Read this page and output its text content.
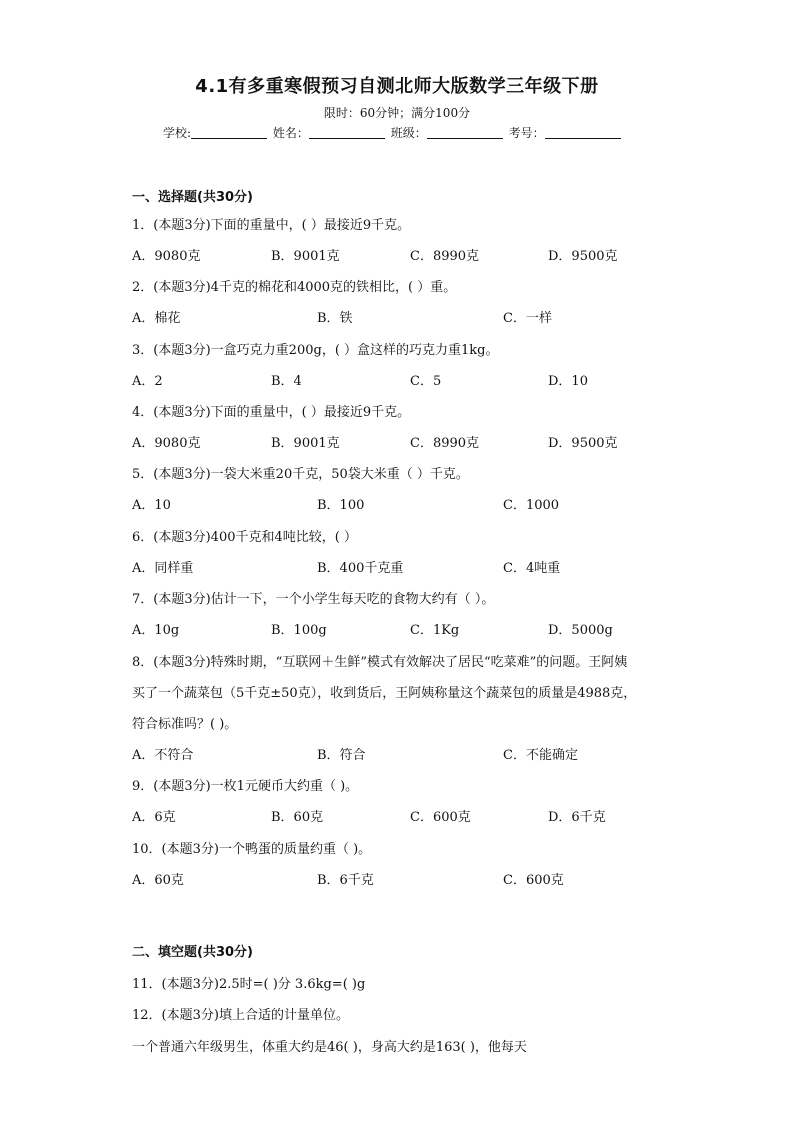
4.1有多重寒假预习自测北师大版数学三年级下册
限时：60分钟；满分100分
学校:	姓名：	班级：	考号：
一、选择题(共30分)
1．(本题3分)下面的重量中，( ）最接近9千克。
A．9080克	B．9001克	C．8990克	D．9500克
2．(本题3分)4千克的棉花和4000克的铁相比，( ）重。
A．棉花	B．铁	C．一样
3．(本题3分)一盒巧克力重200g，( ）盒这样的巧克力重1kg。
A．2	B．4	C．5	D．10
4．(本题3分)下面的重量中，( ）最接近9千克。
A．9080克	B．9001克	C．8990克	D．9500克
5．(本题3分)一袋大米重20千克，50袋大米重（ ）千克。
A．10	B．100	C．1000
6．(本题3分)400千克和4吨比较，( ）
A．同样重	B．400千克重	C．4吨重
7．(本题3分)估计一下，一个小学生每天吃的食物大约有（ ）。
A．10g	B．100g	C．1Kg	D．5000g
8．(本题3分)特殊时期，“互联网＋生鲜”模式有效解决了居民“吃菜难”的问题。王阿姨
买了一个蔬菜包（5千克±50克），收到货后，王阿姨称量这个蔬菜包的质量是4988克，
符合标准吗？( )。
A．不符合	B．符合	C．不能确定
9．(本题3分)一枚1元硬币大约重（ )。
A．6克	B．60克	C．600克	D．6千克
10．(本题3分)一个鸭蛋的质量约重（ )。
A．60克	B．6千克	C．600克
二、填空题(共30分)
11．(本题3分)2.5时=( )分 3.6kg=( )g
12．(本题3分)填上合适的计量单位。
一个普通六年级男生，体重大约是46( )，身高大约是163( )，他每天
